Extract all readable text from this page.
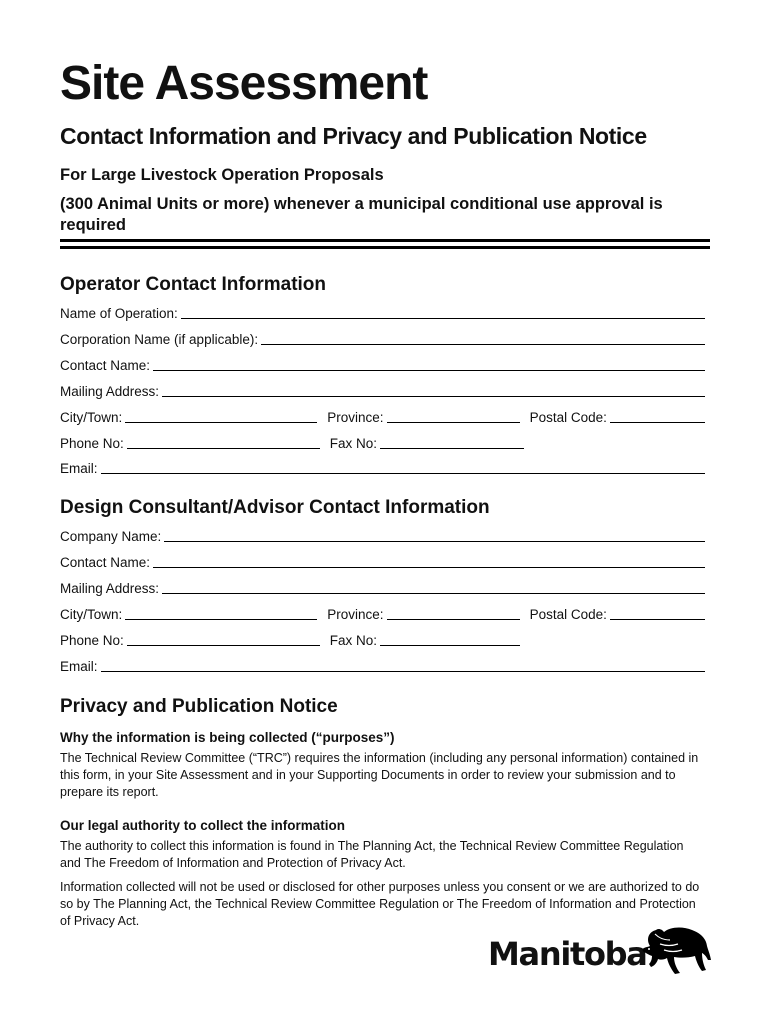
Site Assessment
Contact Information and Privacy and Publication Notice
For Large Livestock Operation Proposals
(300 Animal Units or more) whenever a municipal conditional use approval is required
Operator Contact Information
Name of Operation:
Corporation Name (if applicable):
Contact Name:
Mailing Address:
City/Town:	Province:	Postal Code:
Phone No:	Fax No:
Email:
Design Consultant/Advisor Contact Information
Company Name:
Contact Name:
Mailing Address:
City/Town:	Province:	Postal Code:
Phone No:	Fax No:
Email:
Privacy and Publication Notice
Why the information is being collected (“purposes”)

The Technical Review Committee (“TRC”) requires the information (including any personal information) contained in this form, in your Site Assessment and in your Supporting Documents in order to review your submission and to prepare its report.

Our legal authority to collect the information

The authority to collect this information is found in The Planning Act, the Technical Review Committee Regulation and The Freedom of Information and Protection of Privacy Act.

Information collected will not be used or disclosed for other purposes unless you consent or we are authorized to do so by The Planning Act, the Technical Review Committee Regulation or The Freedom of Information and Protection of Privacy Act.

Manitoba
